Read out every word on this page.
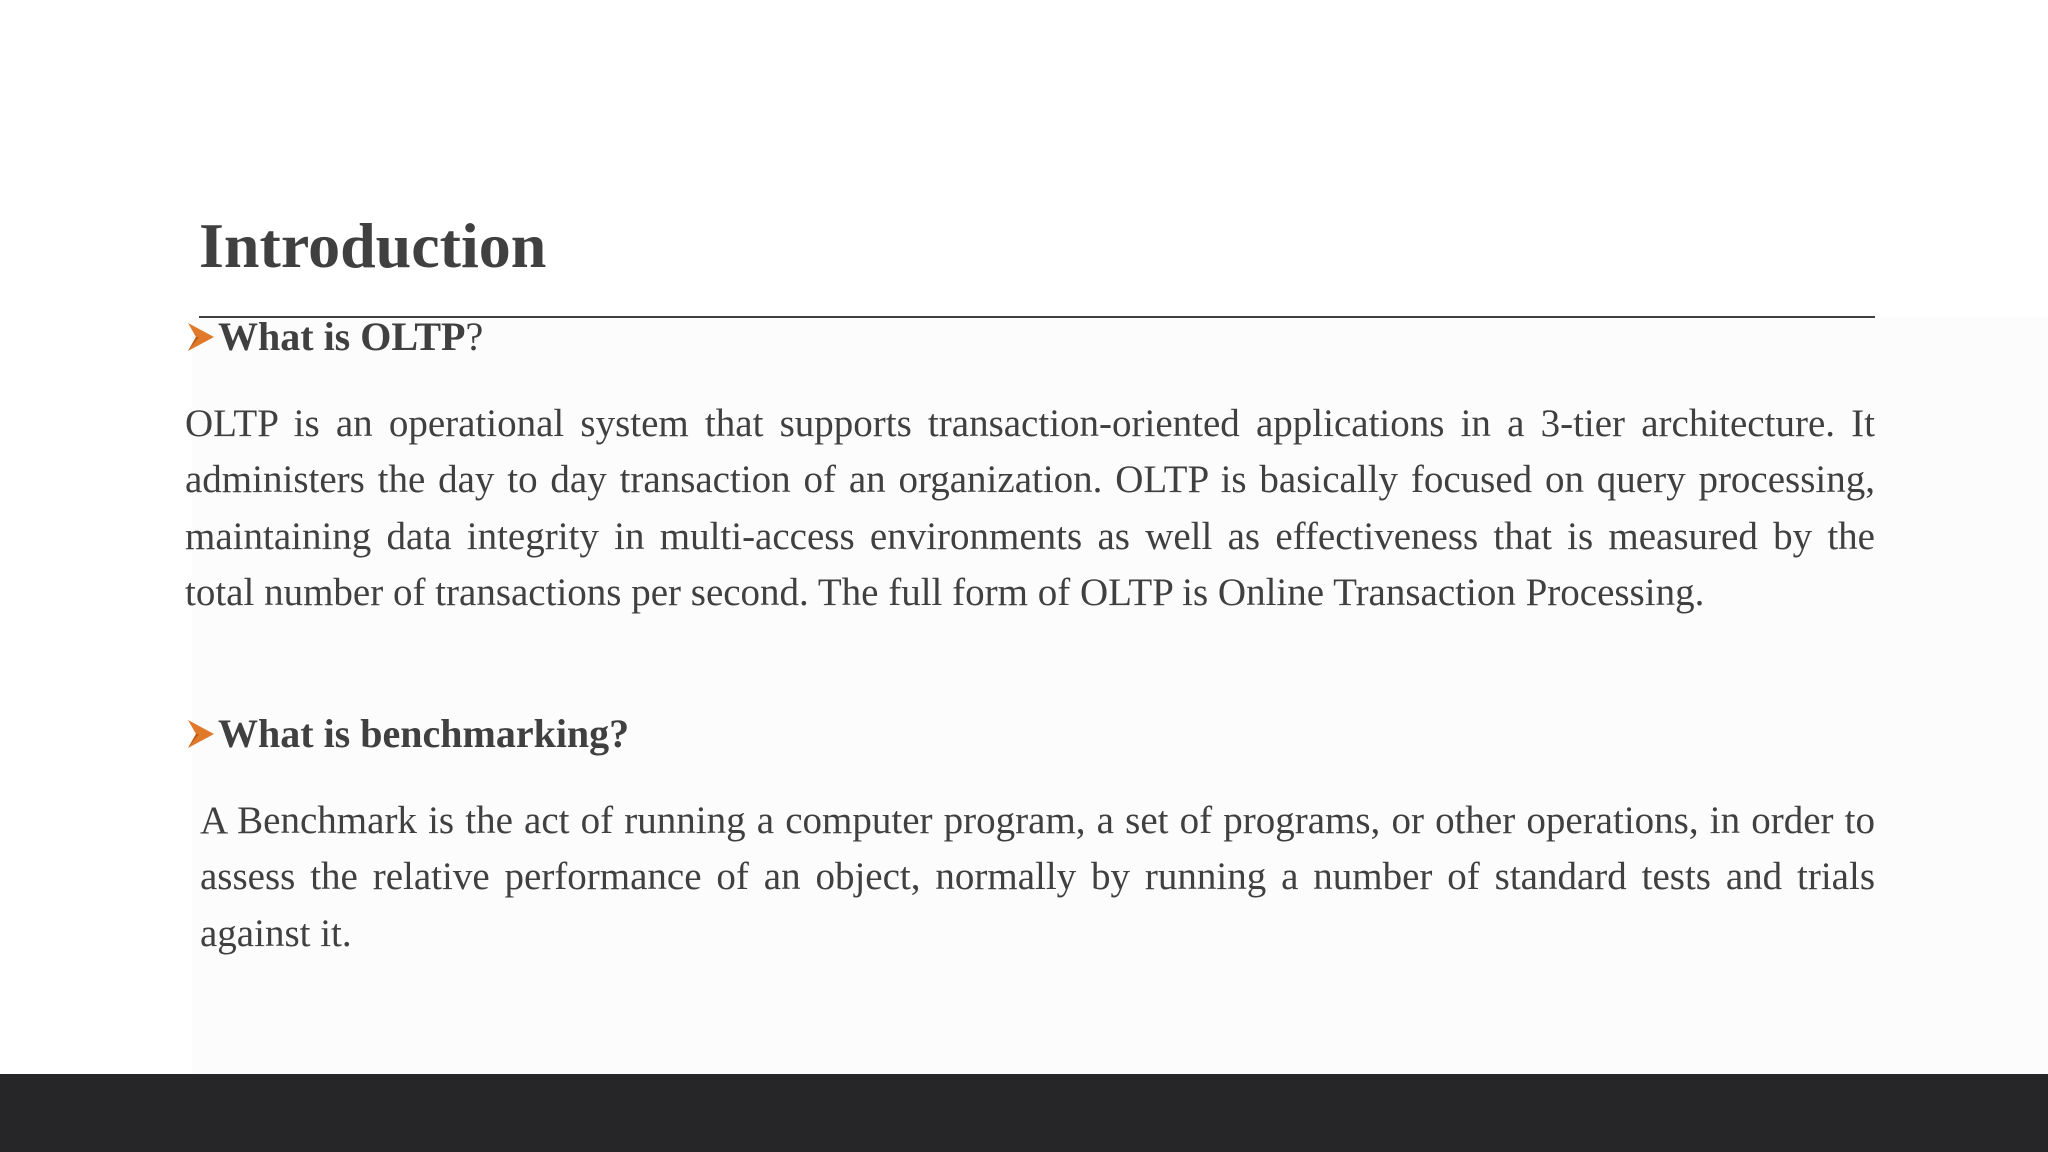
Introduction
What is OLTP?

OLTP is an operational system that supports transaction-oriented applications in a 3-tier architecture. It administers the day to day transaction of an organization. OLTP is basically focused on query processing, maintaining data integrity in multi-access environments as well as effectiveness that is measured by the total number of transactions per second. The full form of OLTP is Online Transaction Processing.

What is benchmarking?

A Benchmark is the act of running a computer program, a set of programs, or other operations, in order to assess the relative performance of an object, normally by running a number of standard tests and trials against it.
